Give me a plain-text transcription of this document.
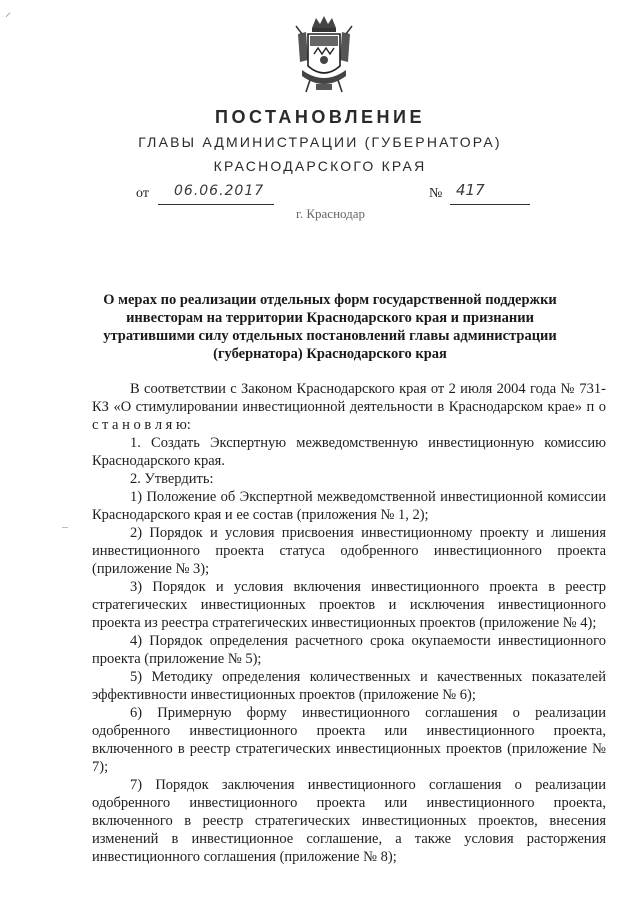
⸝
ПОСТАНОВЛЕНИЕ
ГЛАВЫ АДМИНИСТРАЦИИ (ГУБЕРНАТОРА)
КРАСНОДАРСКОГО КРАЯ
от 06.06.2017	№ 417
г. Краснодар
О мерах по реализации отдельных форм государственной поддержки инвесторам на территории Краснодарского края и признании утратившими силу отдельных постановлений главы администрации (губернатора) Краснодарского края

В соответствии с Законом Краснодарского края от 2 июля 2004 года № 731-КЗ «О стимулировании инвестиционной деятельности в Краснодарском крае» п о с т а н о в л я ю:

1. Создать Экспертную межведомственную инвестиционную комиссию Краснодарского края.

2. Утвердить:

1) Положение об Экспертной межведомственной инвестиционной комиссии Краснодарского края и ее состав (приложения № 1, 2);

2) Порядок и условия присвоения инвестиционному проекту и лишения инвестиционного проекта статуса одобренного инвестиционного проекта (приложение № 3);

3) Порядок и условия включения инвестиционного проекта в реестр стратегических инвестиционных проектов и исключения инвестиционного проекта из реестра стратегических инвестиционных проектов (приложение № 4);

4) Порядок определения расчетного срока окупаемости инвестиционного проекта (приложение № 5);

5) Методику определения количественных и качественных показателей эффективности инвестиционных проектов (приложение № 6);

6) Примерную форму инвестиционного соглашения о реализации одобренного инвестиционного проекта или инвестиционного проекта, включенного в реестр стратегических инвестиционных проектов (приложение № 7);

7) Порядок заключения инвестиционного соглашения о реализации одобренного инвестиционного проекта или инвестиционного проекта, включенного в реестр стратегических инвестиционных проектов, внесения изменений в инвестиционное соглашение, а также условия расторжения инвестиционного соглашения (приложение № 8);
